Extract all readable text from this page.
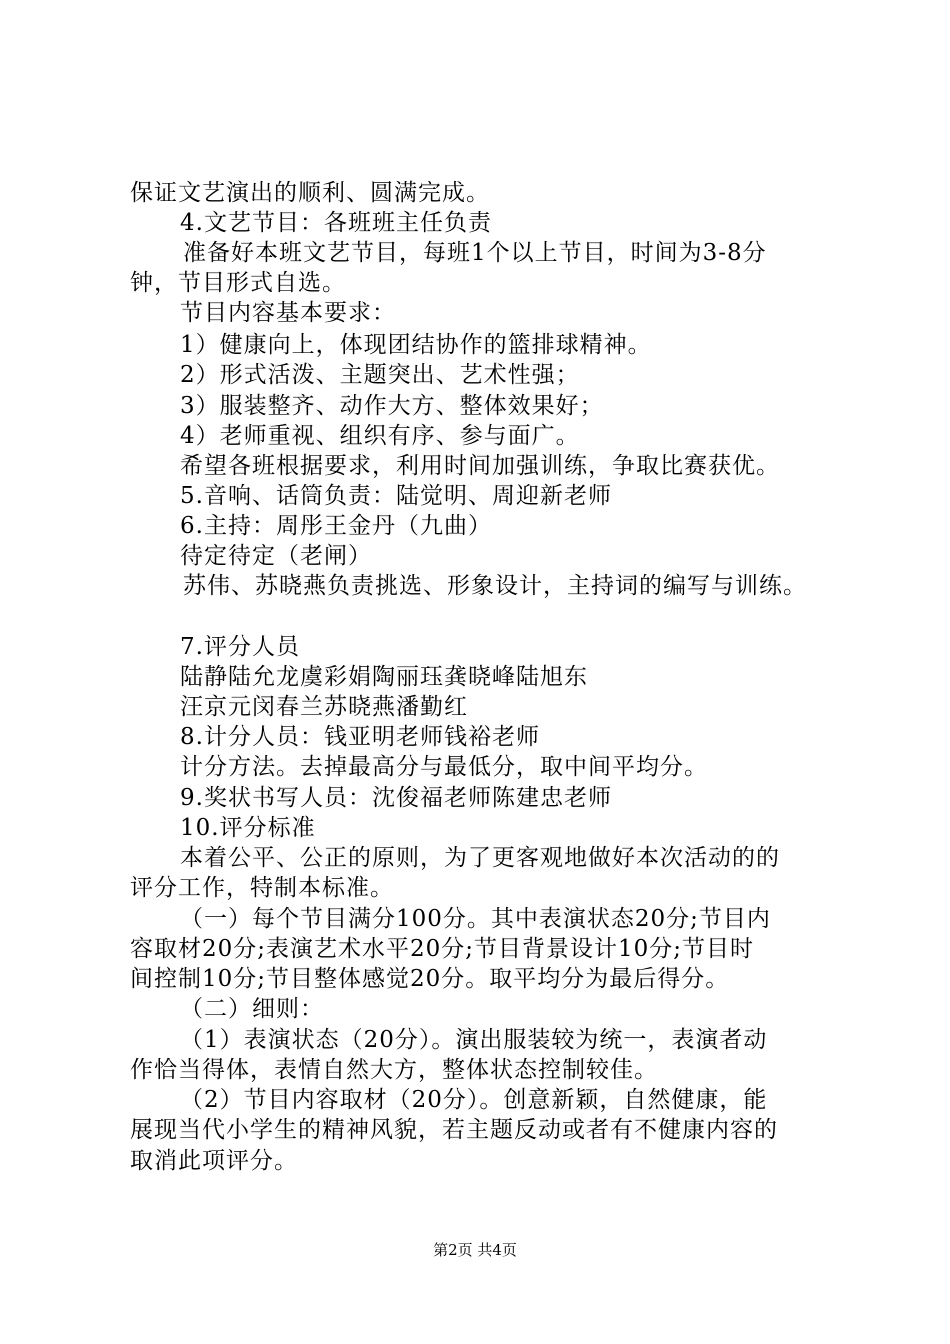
保证文艺演出的顺利、圆满完成。
4.文艺节目：各班班主任负责
准备好本班文艺节目，每班1个以上节目，时间为3-8分
钟，节目形式自选。
节目内容基本要求：
1）健康向上，体现团结协作的篮排球精神。
2）形式活泼、主题突出、艺术性强；
3）服装整齐、动作大方、整体效果好；
4）老师重视、组织有序、参与面广。
希望各班根据要求，利用时间加强训练，争取比赛获优。
5.音响、话筒负责：陆觉明、周迎新老师
6.主持：周彤王金丹（九曲）
待定待定（老闸）
苏伟、苏晓燕负责挑选、形象设计，主持词的编写与训练。
7.评分人员
陆静陆允龙虞彩娟陶丽珏龚晓峰陆旭东
汪京元闵春兰苏晓燕潘勤红
8.计分人员：钱亚明老师钱裕老师
计分方法。去掉最高分与最低分，取中间平均分。
9.奖状书写人员：沈俊福老师陈建忠老师
10.评分标准
本着公平、公正的原则，为了更客观地做好本次活动的的
评分工作，特制本标准。
（一）每个节目满分100分。其中表演状态20分;节目内
容取材20分;表演艺术水平20分;节目背景设计10分;节目时
间控制10分;节目整体感觉20分。取平均分为最后得分。
（二）细则：
（1）表演状态（20分）。演出服装较为统一，表演者动
作恰当得体，表情自然大方，整体状态控制较佳。
（2）节目内容取材（20分）。创意新颖，自然健康，能
展现当代小学生的精神风貌，若主题反动或者有不健康内容的
取消此项评分。
第2页 共4页
